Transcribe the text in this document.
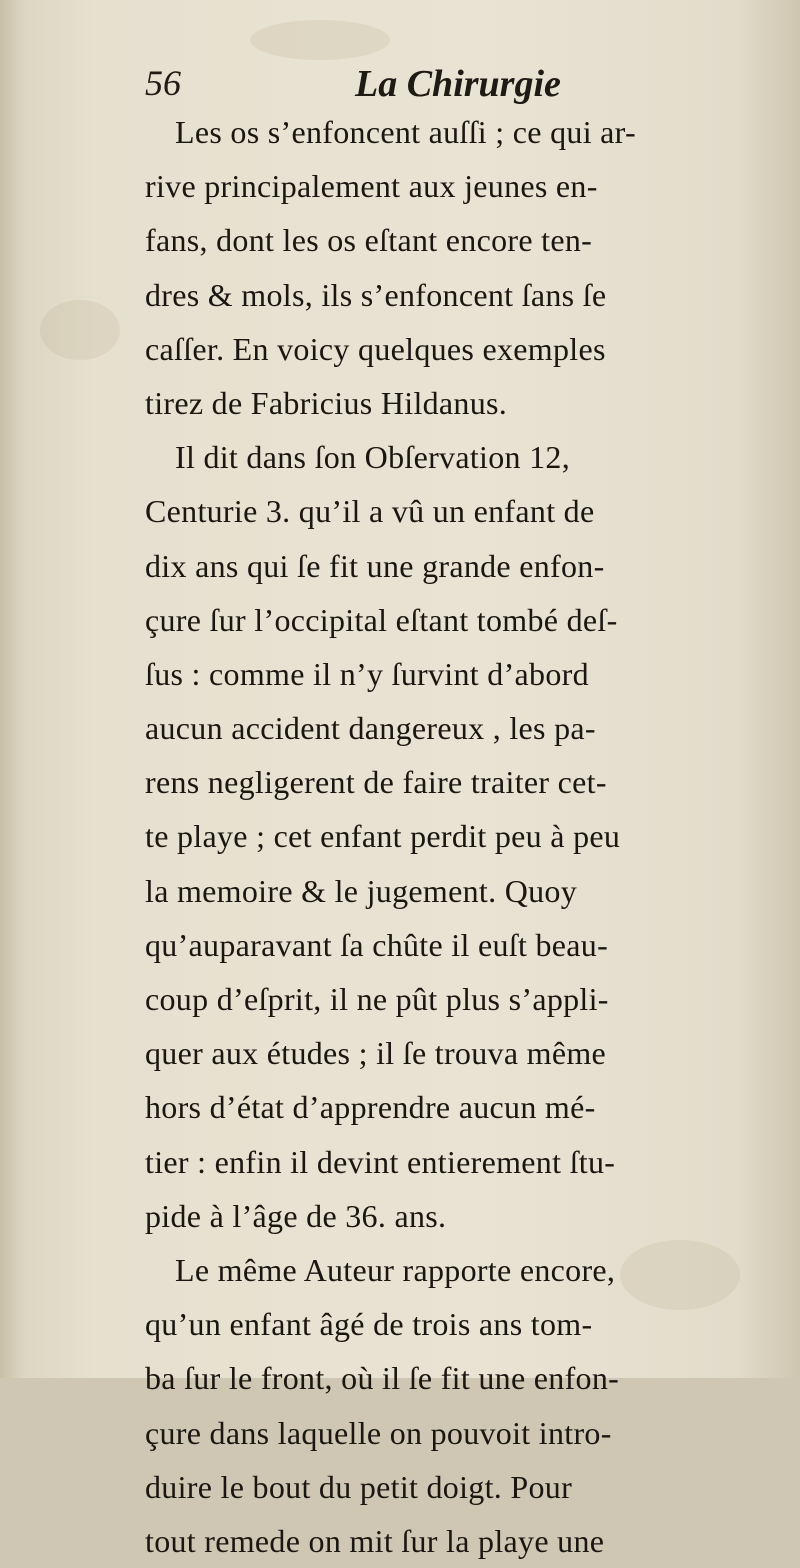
56	La Chirurgie
Les os s’enfoncent auſſi ; ce qui ar-
rive principalement aux jeunes en-
fans, dont les os eſtant encore ten-
dres & mols, ils s’enfoncent ſans ſe
caſſer. En voicy quelques exemples
tirez de Fabricius Hildanus.
Il dit dans ſon Obſervation 12,
Centurie 3. qu’il a vû un enfant de
dix ans qui ſe fit une grande enfon-
çure ſur l’occipital eſtant tombé deſ-
ſus : comme il n’y ſurvint d’abord
aucun accident dangereux , les pa-
rens negligerent de faire traiter cet-
te playe ; cet enfant perdit peu à peu
la memoire & le jugement. Quoy
qu’auparavant ſa chûte il euſt beau-
coup d’eſprit, il ne pût plus s’appli-
quer aux études ; il ſe trouva même
hors d’état d’apprendre aucun mé-
tier : enfin il devint entierement ſtu-
pide à l’âge de 36. ans.
Le même Auteur rapporte encore,
qu’un enfant âgé de trois ans tom-
ba ſur le front, où il ſe fit une enfon-
çure dans laquelle on pouvoit intro-
duire le bout du petit doigt. Pour
tout remede on mit ſur la playe une
